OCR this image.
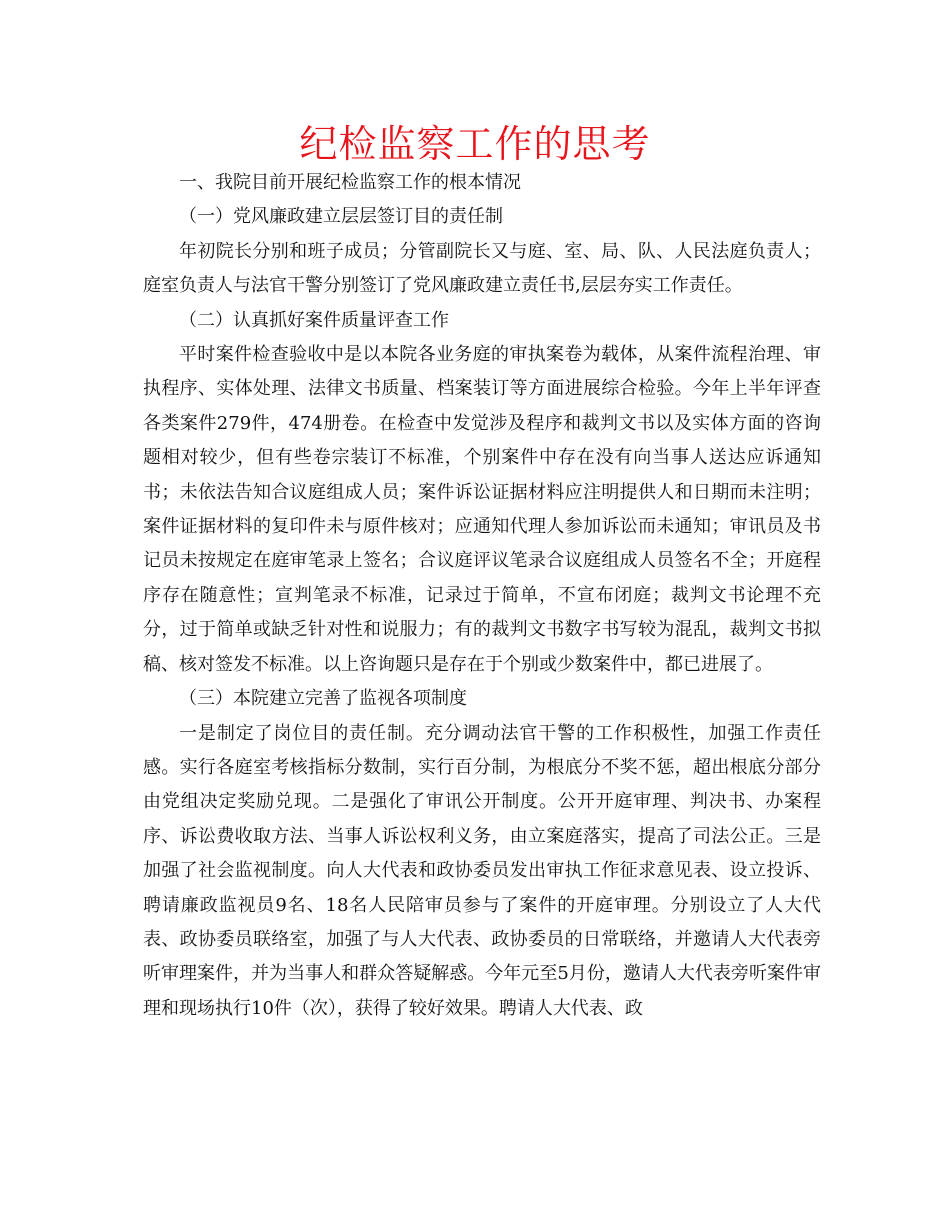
纪检监察工作的思考

一、我院目前开展纪检监察工作的根本情况

（一）党风廉政建立层层签订目的责任制

年初院长分别和班子成员；分管副院长又与庭、室、局、队、人民法庭负责人；庭室负责人与法官干警分别签订了党风廉政建立责任书,层层夯实工作责任。

（二）认真抓好案件质量评查工作

平时案件检查验收中是以本院各业务庭的审执案卷为载体，从案件流程治理、审执程序、实体处理、法律文书质量、档案装订等方面进展综合检验。今年上半年评查各类案件279件，474册卷。在检查中发觉涉及程序和裁判文书以及实体方面的咨询题相对较少，但有些卷宗装订不标准，个别案件中存在没有向当事人送达应诉通知书；未依法告知合议庭组成人员；案件诉讼证据材料应注明提供人和日期而未注明；案件证据材料的复印件未与原件核对；应通知代理人参加诉讼而未通知；审讯员及书记员未按规定在庭审笔录上签名；合议庭评议笔录合议庭组成人员签名不全；开庭程序存在随意性；宣判笔录不标准，记录过于简单，不宣布闭庭；裁判文书论理不充分，过于简单或缺乏针对性和说服力；有的裁判文书数字书写较为混乱，裁判文书拟稿、核对签发不标准。以上咨询题只是存在于个别或少数案件中，都已进展了。

（三）本院建立完善了监视各项制度

一是制定了岗位目的责任制。充分调动法官干警的工作积极性，加强工作责任感。实行各庭室考核指标分数制，实行百分制，为根底分不奖不惩，超出根底分部分由党组决定奖励兑现。二是强化了审讯公开制度。公开开庭审理、判决书、办案程序、诉讼费收取方法、当事人诉讼权利义务，由立案庭落实，提高了司法公正。三是加强了社会监视制度。向人大代表和政协委员发出审执工作征求意见表、设立投诉、聘请廉政监视员9名、18名人民陪审员参与了案件的开庭审理。分别设立了人大代表、政协委员联络室，加强了与人大代表、政协委员的日常联络，并邀请人大代表旁听审理案件，并为当事人和群众答疑解惑。今年元至5月份，邀请人大代表旁听案件审理和现场执行10件（次），获得了较好效果。聘请人大代表、政
